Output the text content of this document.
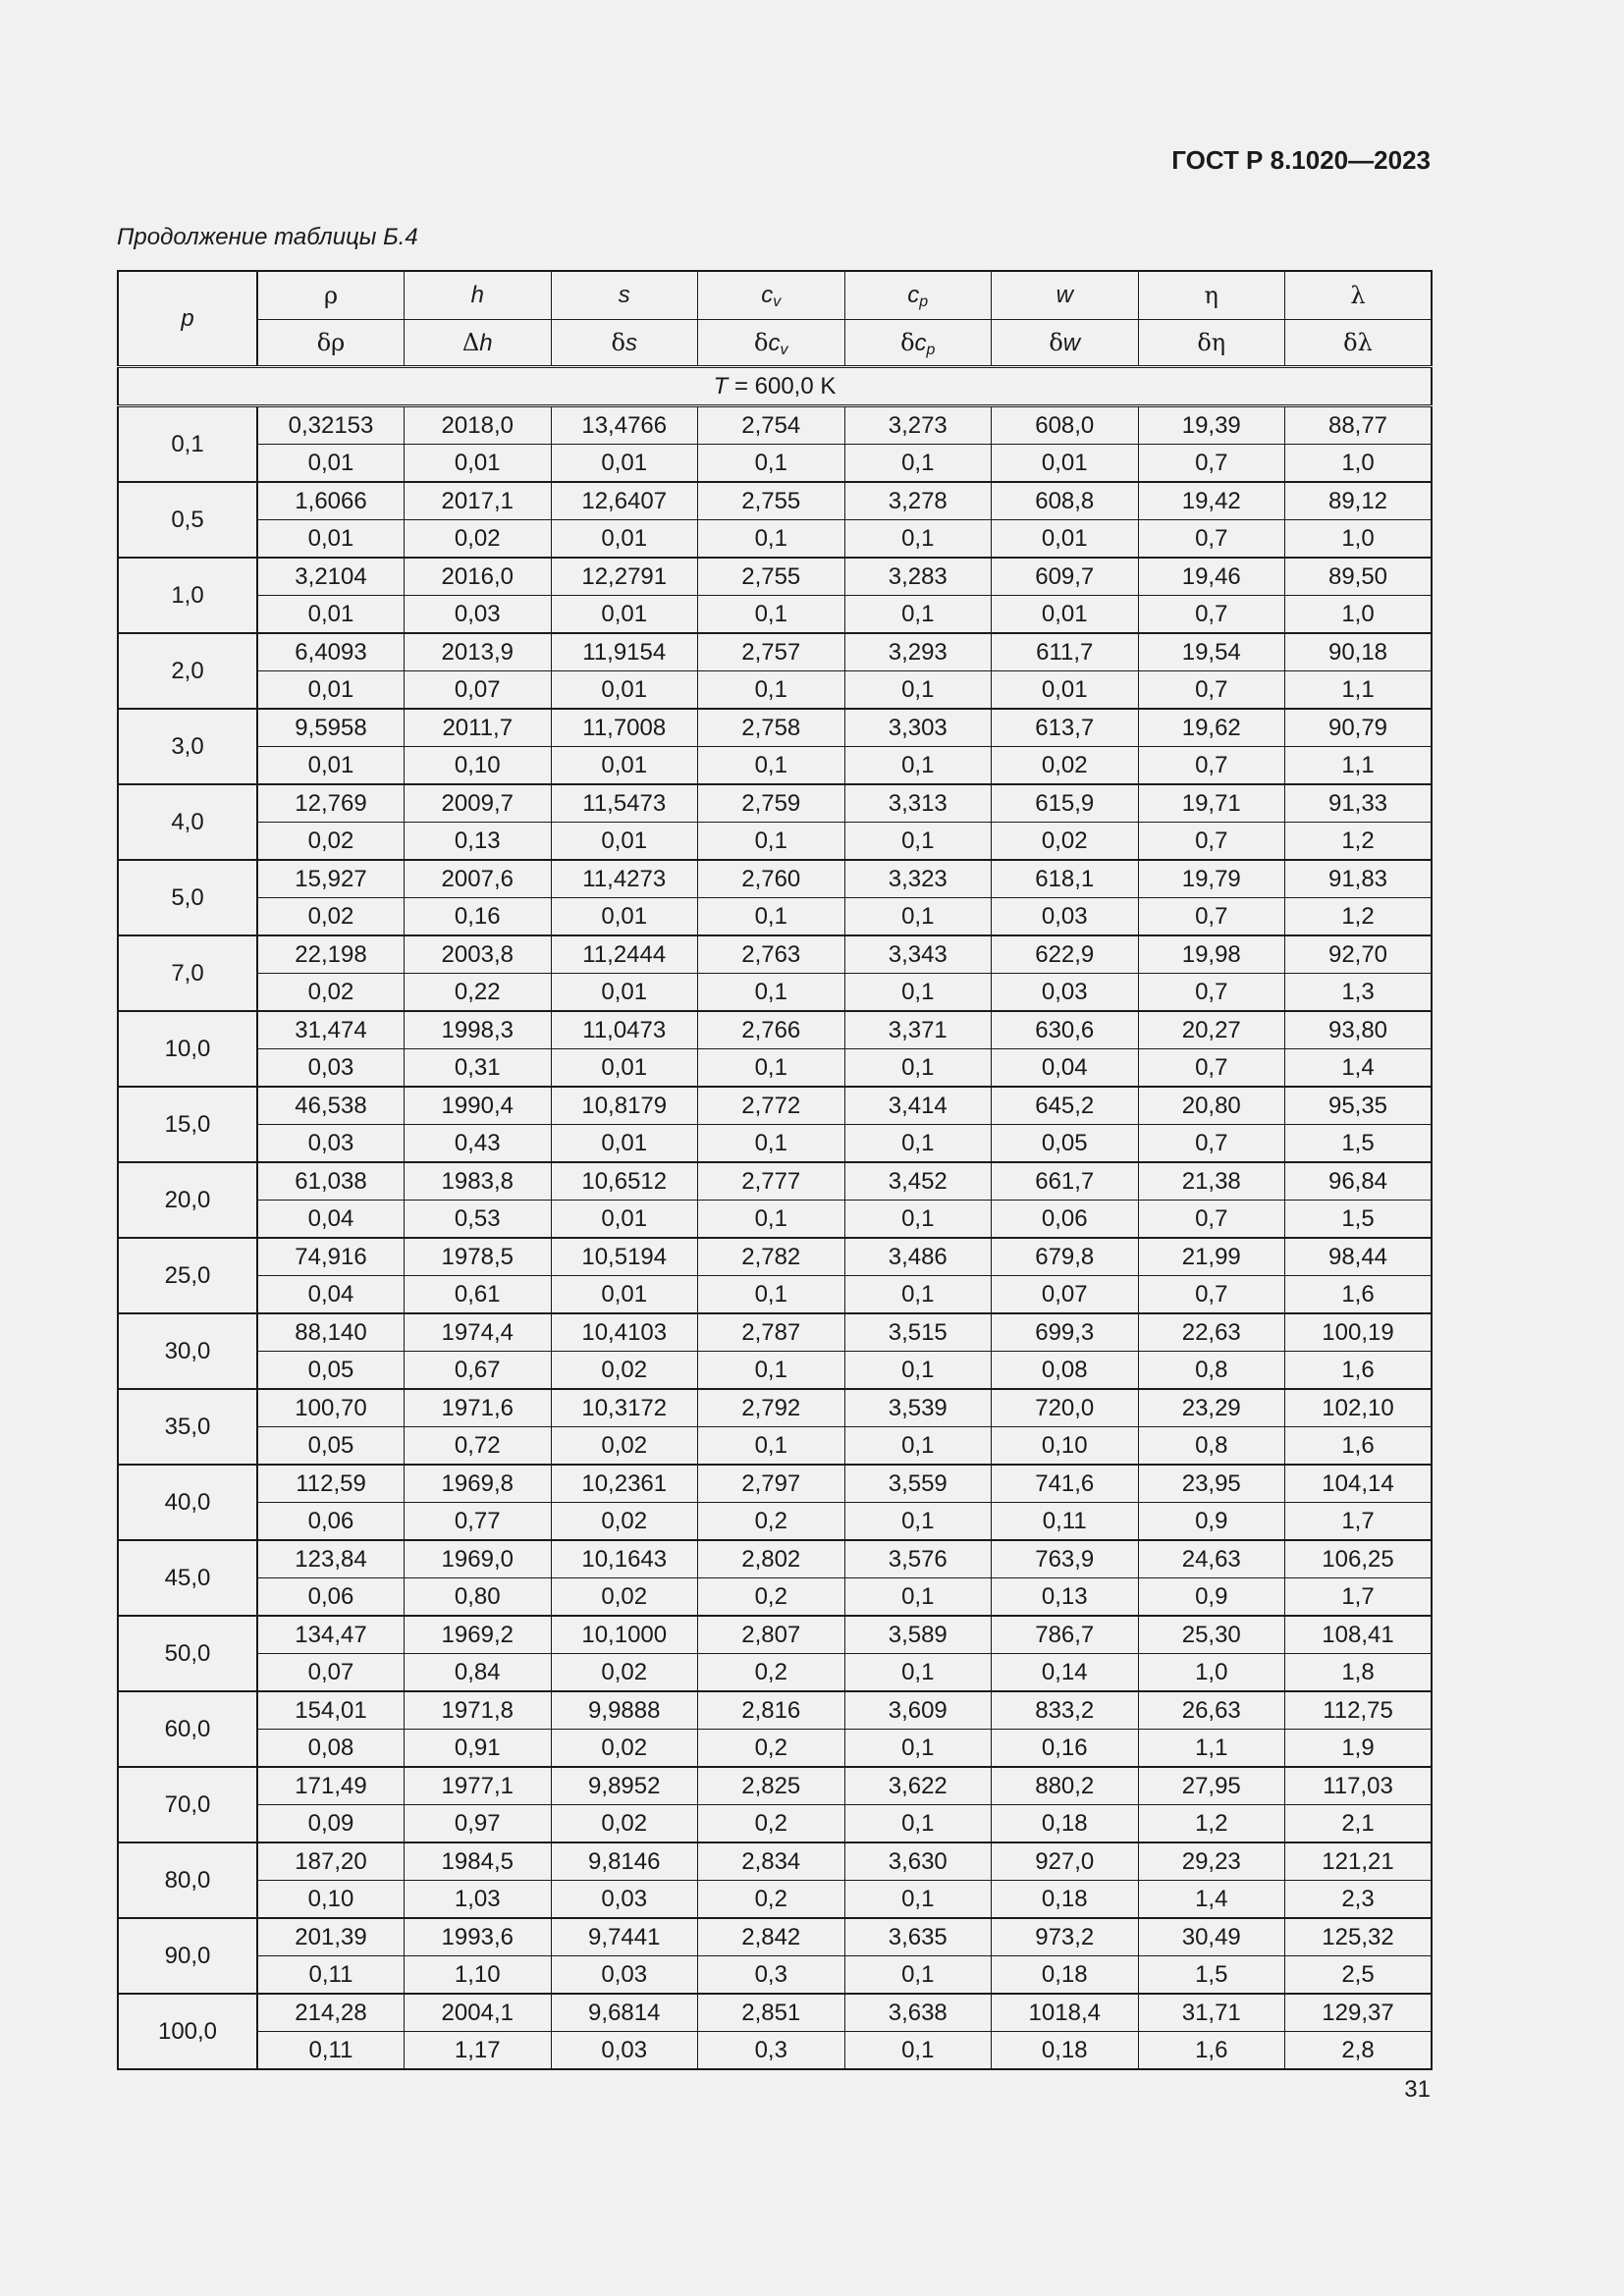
ГОСТ Р 8.1020—2023
Продолжение таблицы Б.4
p	ρ	h	s	$c_v$	$c_p$	w	η	λ
	δρ	Δh	δs	$\delta c_v$	$\delta c_p$	δw	δη	δλ
T = 600,0 K								
0,1	0,32153	2018,0	13,4766	2,754	3,273	608,0	19,39	88,77
	0,01	0,01	0,01	0,1	0,1	0,01	0,7	1,0
0,5	1,6066	2017,1	12,6407	2,755	3,278	608,8	19,42	89,12
	0,01	0,02	0,01	0,1	0,1	0,01	0,7	1,0
1,0	3,2104	2016,0	12,2791	2,755	3,283	609,7	19,46	89,50
	0,01	0,03	0,01	0,1	0,1	0,01	0,7	1,0
2,0	6,4093	2013,9	11,9154	2,757	3,293	611,7	19,54	90,18
	0,01	0,07	0,01	0,1	0,1	0,01	0,7	1,1
3,0	9,5958	2011,7	11,7008	2,758	3,303	613,7	19,62	90,79
	0,01	0,10	0,01	0,1	0,1	0,02	0,7	1,1
4,0	12,769	2009,7	11,5473	2,759	3,313	615,9	19,71	91,33
	0,02	0,13	0,01	0,1	0,1	0,02	0,7	1,2
5,0	15,927	2007,6	11,4273	2,760	3,323	618,1	19,79	91,83
	0,02	0,16	0,01	0,1	0,1	0,03	0,7	1,2
7,0	22,198	2003,8	11,2444	2,763	3,343	622,9	19,98	92,70
	0,02	0,22	0,01	0,1	0,1	0,03	0,7	1,3
10,0	31,474	1998,3	11,0473	2,766	3,371	630,6	20,27	93,80
	0,03	0,31	0,01	0,1	0,1	0,04	0,7	1,4
15,0	46,538	1990,4	10,8179	2,772	3,414	645,2	20,80	95,35
	0,03	0,43	0,01	0,1	0,1	0,05	0,7	1,5
20,0	61,038	1983,8	10,6512	2,777	3,452	661,7	21,38	96,84
	0,04	0,53	0,01	0,1	0,1	0,06	0,7	1,5
25,0	74,916	1978,5	10,5194	2,782	3,486	679,8	21,99	98,44
	0,04	0,61	0,01	0,1	0,1	0,07	0,7	1,6
30,0	88,140	1974,4	10,4103	2,787	3,515	699,3	22,63	100,19
	0,05	0,67	0,02	0,1	0,1	0,08	0,8	1,6
35,0	100,70	1971,6	10,3172	2,792	3,539	720,0	23,29	102,10
	0,05	0,72	0,02	0,1	0,1	0,10	0,8	1,6
40,0	112,59	1969,8	10,2361	2,797	3,559	741,6	23,95	104,14
	0,06	0,77	0,02	0,2	0,1	0,11	0,9	1,7
45,0	123,84	1969,0	10,1643	2,802	3,576	763,9	24,63	106,25
	0,06	0,80	0,02	0,2	0,1	0,13	0,9	1,7
50,0	134,47	1969,2	10,1000	2,807	3,589	786,7	25,30	108,41
	0,07	0,84	0,02	0,2	0,1	0,14	1,0	1,8
60,0	154,01	1971,8	9,9888	2,816	3,609	833,2	26,63	112,75
	0,08	0,91	0,02	0,2	0,1	0,16	1,1	1,9
70,0	171,49	1977,1	9,8952	2,825	3,622	880,2	27,95	117,03
	0,09	0,97	0,02	0,2	0,1	0,18	1,2	2,1
80,0	187,20	1984,5	9,8146	2,834	3,630	927,0	29,23	121,21
	0,10	1,03	0,03	0,2	0,1	0,18	1,4	2,3
90,0	201,39	1993,6	9,7441	2,842	3,635	973,2	30,49	125,32
	0,11	1,10	0,03	0,3	0,1	0,18	1,5	2,5
100,0	214,28	2004,1	9,6814	2,851	3,638	1018,4	31,71	129,37
	0,11	1,17	0,03	0,3	0,1	0,18	1,6	2,8
31
